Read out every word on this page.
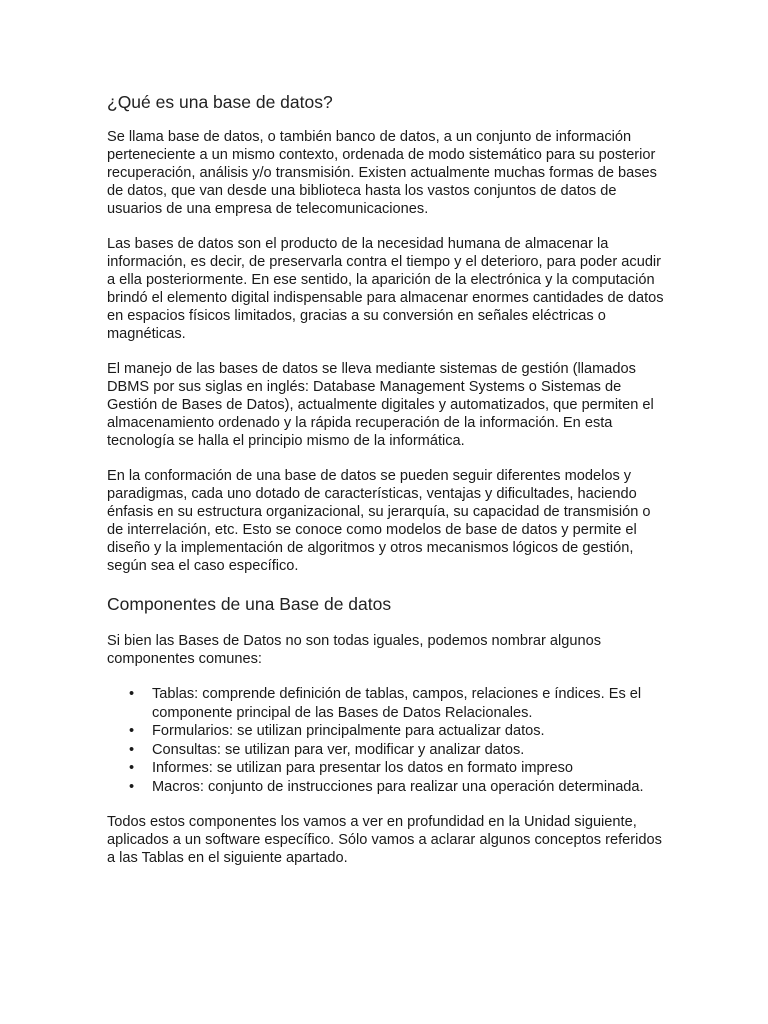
¿Qué es una base de datos?

Se llama base de datos, o también banco de datos, a un conjunto de información perteneciente a un mismo contexto, ordenada de modo sistemático para su posterior recuperación, análisis y/o transmisión. Existen actualmente muchas formas de bases de datos, que van desde una biblioteca hasta los vastos conjuntos de datos de usuarios de una empresa de telecomunicaciones.

Las bases de datos son el producto de la necesidad humana de almacenar la información, es decir, de preservarla contra el tiempo y el deterioro, para poder acudir a ella posteriormente. En ese sentido, la aparición de la electrónica y la computación brindó el elemento digital indispensable para almacenar enormes cantidades de datos en espacios físicos limitados, gracias a su conversión en señales eléctricas o magnéticas.

El manejo de las bases de datos se lleva mediante sistemas de gestión (llamados DBMS por sus siglas en inglés: Database Management Systems o Sistemas de Gestión de Bases de Datos), actualmente digitales y automatizados, que permiten el almacenamiento ordenado y la rápida recuperación de la información. En esta tecnología se halla el principio mismo de la informática.

En la conformación de una base de datos se pueden seguir diferentes modelos y paradigmas, cada uno dotado de características, ventajas y dificultades, haciendo énfasis en su estructura organizacional, su jerarquía, su capacidad de transmisión o de interrelación, etc. Esto se conoce como modelos de base de datos y permite el diseño y la implementación de algoritmos y otros mecanismos lógicos de gestión, según sea el caso específico.

Componentes de una Base de datos

Si bien las Bases de Datos no son todas iguales, podemos nombrar algunos componentes comunes:

• Tablas: comprende definición de tablas, campos, relaciones e índices. Es el componente principal de las Bases de Datos Relacionales.
• Formularios: se utilizan principalmente para actualizar datos.
• Consultas: se utilizan para ver, modificar y analizar datos.
• Informes: se utilizan para presentar los datos en formato impreso
• Macros: conjunto de instrucciones para realizar una operación determinada.

Todos estos componentes los vamos a ver en profundidad en la Unidad siguiente, aplicados a un software específico. Sólo vamos a aclarar algunos conceptos referidos a las Tablas en el siguiente apartado.
